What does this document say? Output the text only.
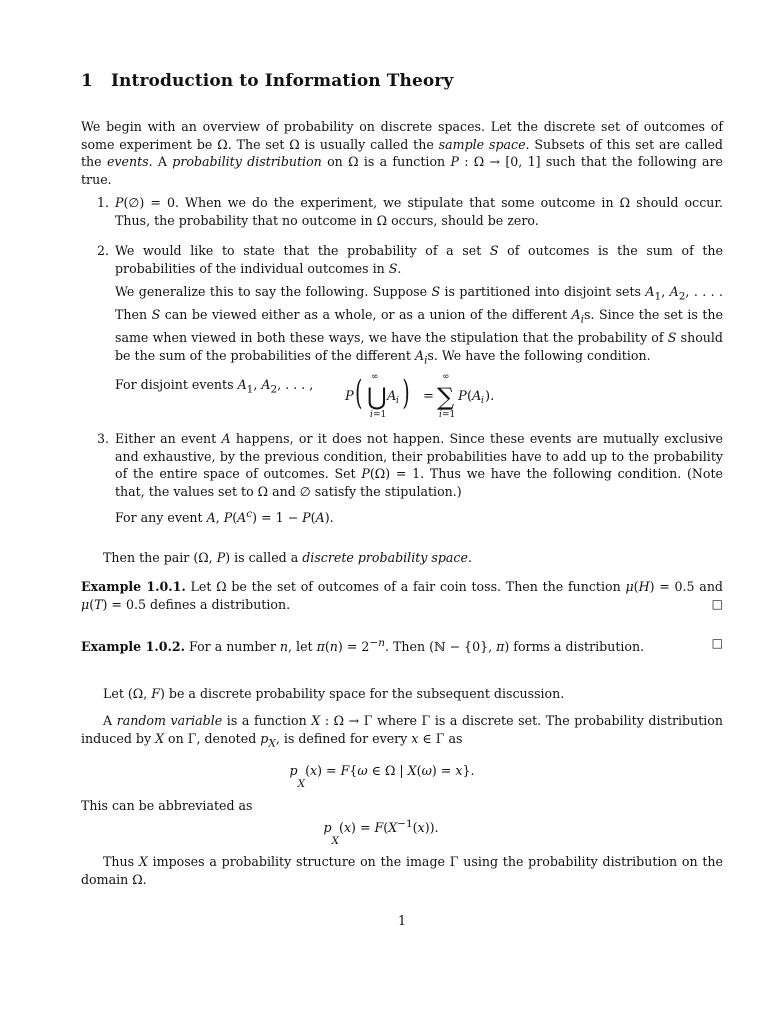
1 Introduction to Information Theory

We begin with an overview of probability on discrete spaces. Let the discrete set of outcomes of some experiment be Ω. The set Ω is usually called the sample space. Subsets of this set are called the events. A probability distribution on Ω is a function P : Ω → [0, 1] such that the following are true.

1. P(∅) = 0. When we do the experiment, we stipulate that some outcome in Ω should occur. Thus, the probability that no outcome in Ω occurs, should be zero.

2. We would like to state that the probability of a set S of outcomes is the sum of the probabilities of the individual outcomes in S.

We generalize this to say the following. Suppose S is partitioned into disjoint sets $A_1$, $A_2$, . . . . Then S can be viewed either as a whole, or as a union of the different $A_is$. Since the set is the same when viewed in both these ways, we have the stipulation that the probability of S should be the sum of the probabilities of the different $A_is$. We have the following condition.

For disjoint events $A_1$, $A_2$, . . . ,

P ( ∞
⋃
i =1
A i ) =
∞
∑
i =1
P ( A i ).
3. Either an event A happens, or it does not happen. Since these events are mutually exclusive and exhaustive, by the previous condition, their probabilities have to add up to the probability of the entire space of outcomes. Set P(Ω) = 1. Thus we have the following condition. (Note that, the values set to Ω and ∅ satisfy the stipulation.)

For any event A, $P(A^c) = 1 - P(A)$.

Then the pair (Ω, P) is called a discrete probability space.

Example 1.0.1. Let Ω be the set of outcomes of a fair coin toss. Then the function μ(H) = 0.5 and μ(T) = 0.5 defines a distribution.	□

Example 1.0.2. For a number n, let $\pi(n) = 2^{-n}$. Then (ℕ − {0}, π) forms a distribution.	□

Let (Ω, F) be a discrete probability space for the subsequent discussion.

A random variable is a function X : Ω → Γ where Γ is a discrete set. The probability distribution induced by X on Γ, denoted $p_X$, is defined for every x ∈ Γ as

$p_X(x) = F\{\omega$ ∈ Ω | X(ω) = x}.

This can be abbreviated as

$p_X(x) = F(X^{-1}(x))$.

Thus X imposes a probability structure on the image Γ using the probability distribution on the domain Ω.

1
